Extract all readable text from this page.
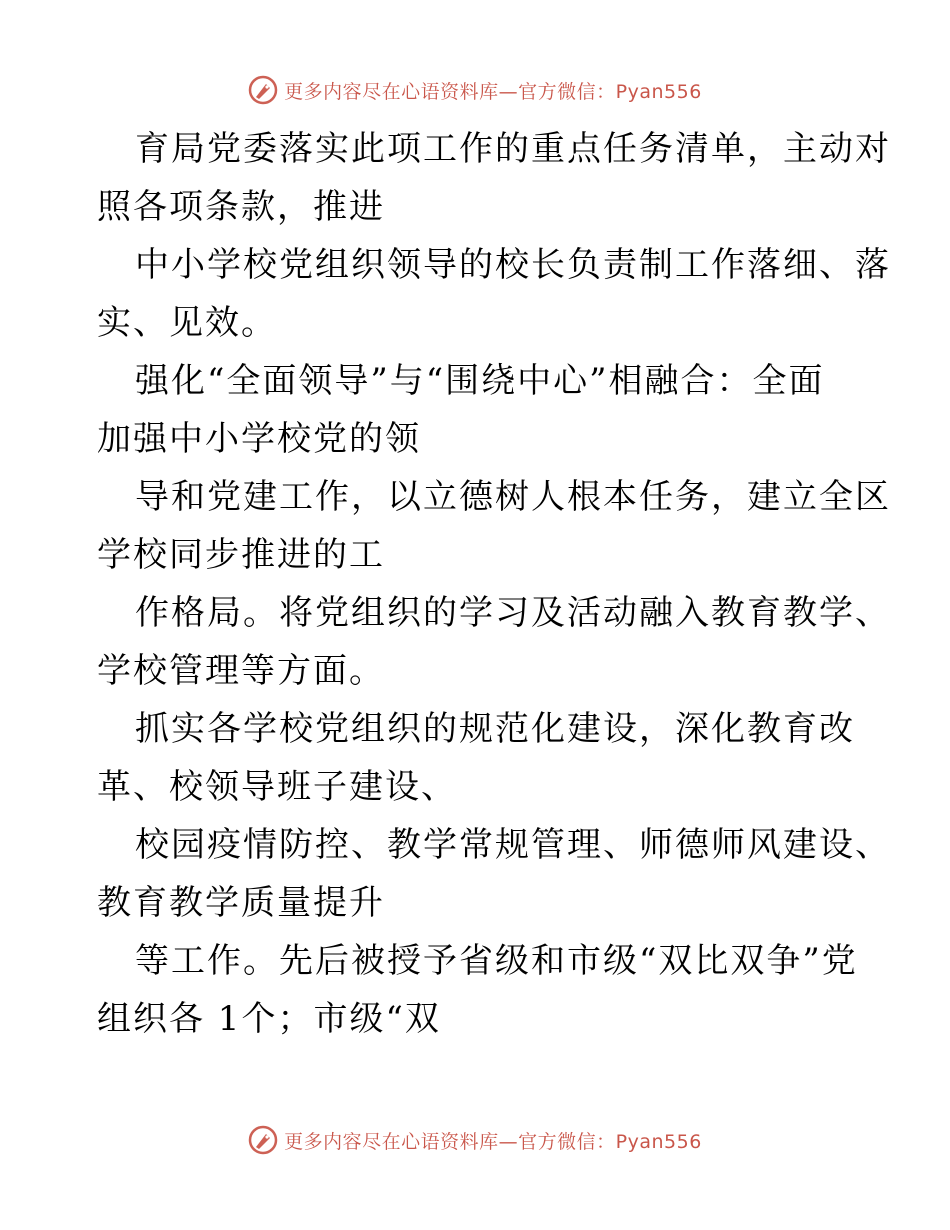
更多内容尽在心语资料库—官方微信：Pyan556
育局党委落实此项工作的重点任务清单，主动对
照各项条款，推进
中小学校党组织领导的校长负责制工作落细、落
实、见效。
强化“全面领导”与“围绕中心”相融合：全面
加强中小学校党的领
导和党建工作，以立德树人根本任务，建立全区
学校同步推进的工
作格局。将党组织的学习及活动融入教育教学、
学校管理等方面。
抓实各学校党组织的规范化建设，深化教育改
革、校领导班子建设、
校园疫情防控、教学常规管理、师德师风建设、
教育教学质量提升
等工作。先后被授予省级和市级“双比双争”党
组织各 1个；市级“双
更多内容尽在心语资料库—官方微信：Pyan556
